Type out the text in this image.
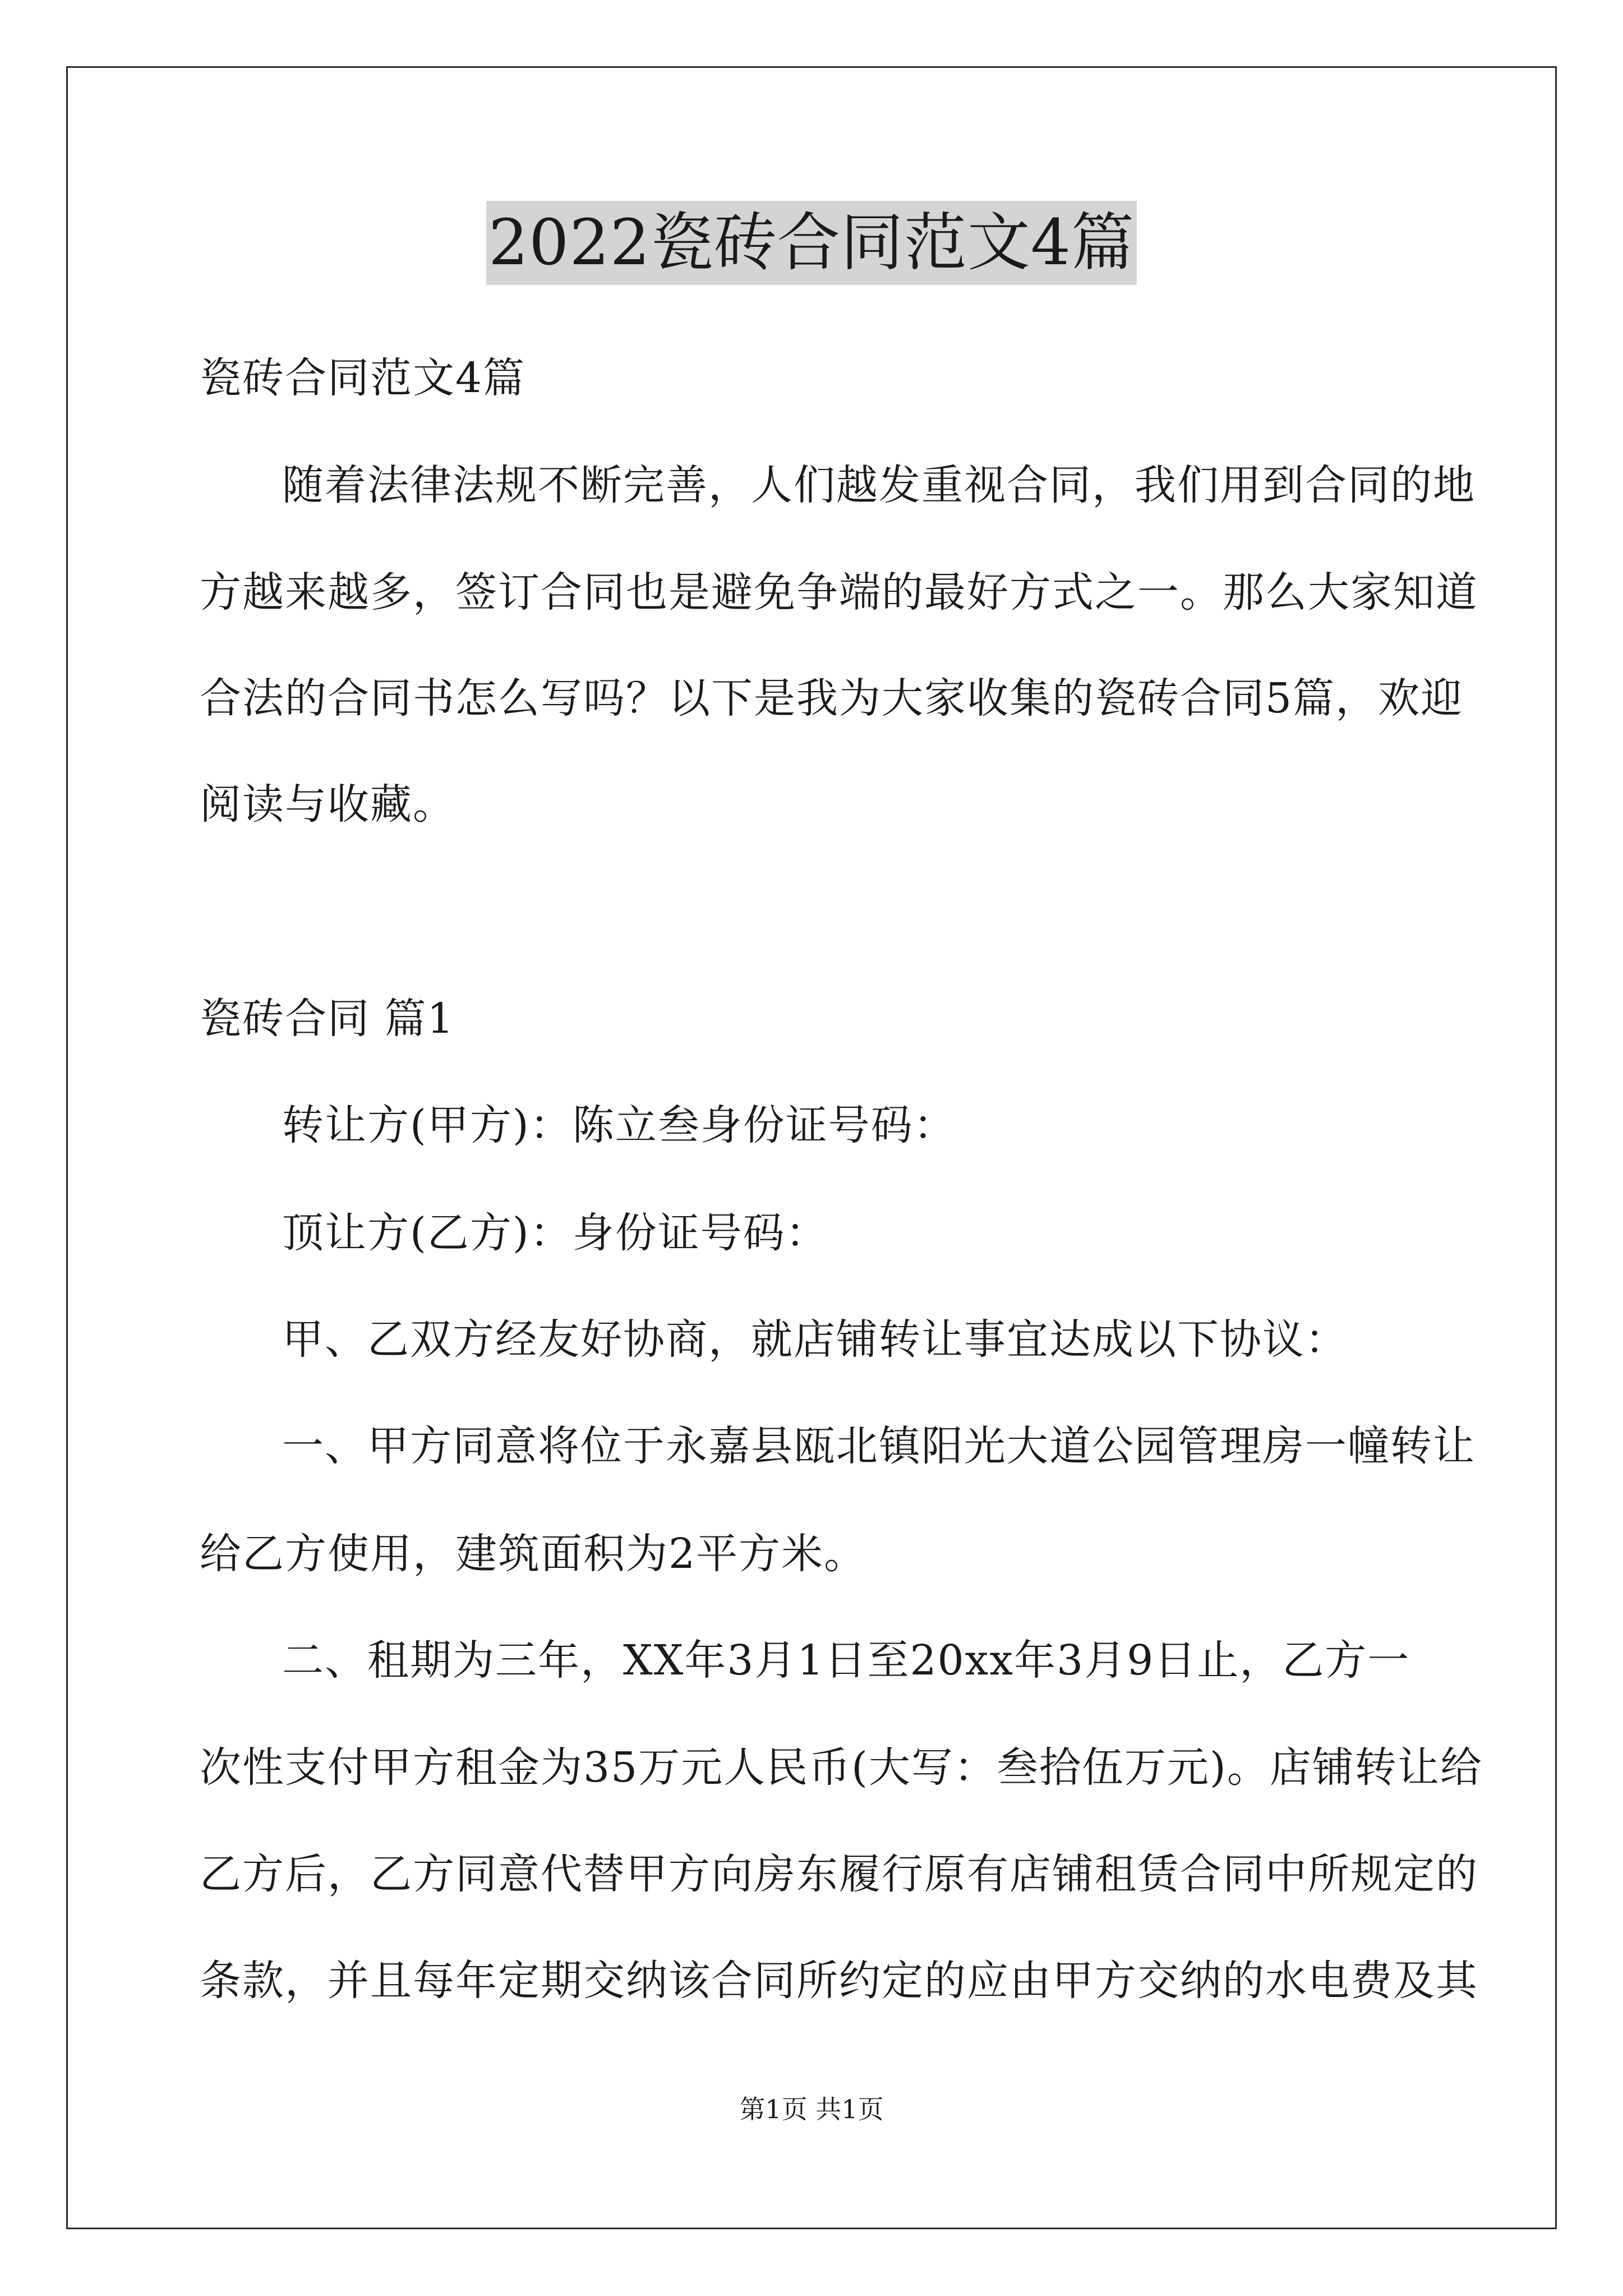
2022瓷砖合同范文4篇
瓷砖合同范文4篇
随着法律法规不断完善，人们越发重视合同，我们用到合同的地
方越来越多，签订合同也是避免争端的最好方式之一。那么大家知道
合法的合同书怎么写吗？以下是我为大家收集的瓷砖合同5篇，欢迎
阅读与收藏。
瓷砖合同 篇1
转让方(甲方)：陈立叁身份证号码：
顶让方(乙方)：身份证号码：
甲、乙双方经友好协商，就店铺转让事宜达成以下协议：
一、甲方同意将位于永嘉县瓯北镇阳光大道公园管理房一幢转让
给乙方使用，建筑面积为2平方米。
二、租期为三年，XX年3月1日至20xx年3月9日止，乙方一
次性支付甲方租金为35万元人民币(大写：叁拾伍万元)。店铺转让给
乙方后，乙方同意代替甲方向房东履行原有店铺租赁合同中所规定的
条款，并且每年定期交纳该合同所约定的应由甲方交纳的水电费及其
第1页 共1页
